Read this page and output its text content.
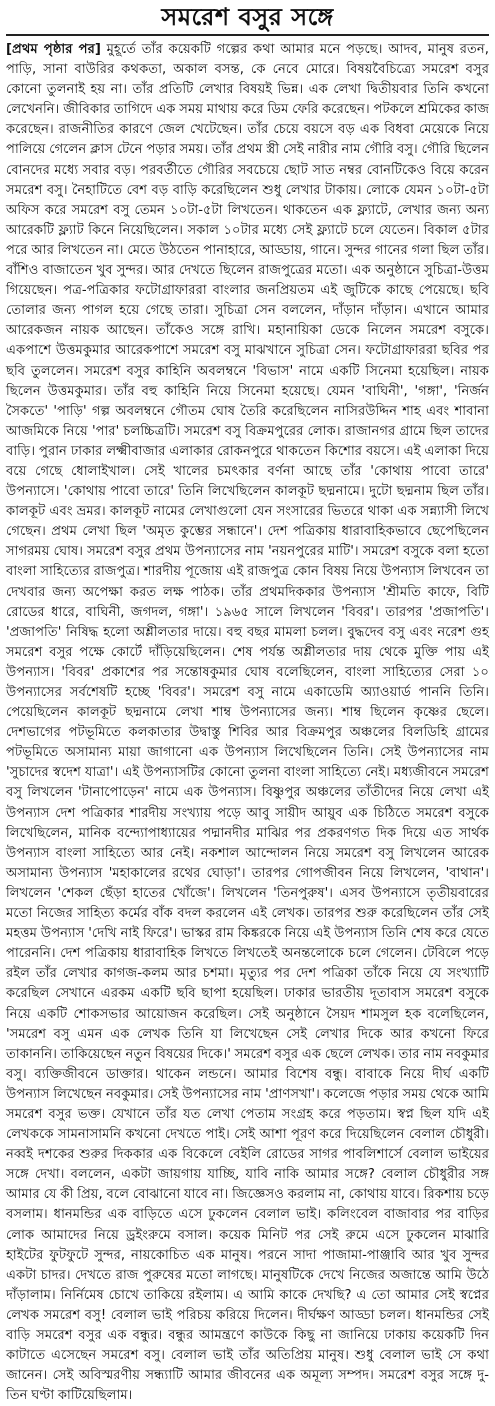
সমরেশ বসুর সঙ্গে
[প্রথম পৃষ্ঠার পর] মুহূর্তে তাঁর কয়েকটি গল্পের কথা আমার মনে পড়ছে। আদব, মানুষ রতন, পাড়ি, সানা বাউরির কথকতা, অকাল বসন্ত, কে নেবে মোরে। বিষয়বৈচিত্র্যে সমরেশ বসুর কোনো তুলনাই হয় না। তাঁর প্রতিটি লেখার বিষয়ই ভিন্ন। এক লেখা দ্বিতীয়বার তিনি কখনো লেখেননি। জীবিকার তাগিদে এক সময় মাথায় করে ডিম ফেরি করেছেন। পটকলে শ্রমিকের কাজ করেছেন। রাজনীতির কারণে জেল খেটেছেন। তাঁর চেয়ে বয়সে বড় এক বিধবা মেয়েকে নিয়ে পালিয়ে গেলেন ক্লাস টেনে পড়ার সময়। তাঁর প্রথম স্ত্রী সেই নারীর নাম গৌরি বসু। গৌরি ছিলেন বোনদের মধ্যে সবার বড়। পরবর্তীতে গৌরির সবচেয়ে ছোট সাত নম্বর বোনটিকেও বিয়ে করেন সমরেশ বসু। নৈহাটিতে বেশ বড় বাড়ি করেছিলেন শুধু লেখার টাকায়। লোকে যেমন ১০টা-৫টা অফিস করে সমরেশ বসু তেমন ১০টা-৫টা লিখতেন। থাকতেন এক ফ্ল্যাটে, লেখার জন্য অন্য আরেকটি ফ্ল্যাট কিনে নিয়েছিলেন। সকাল ১০টার মধ্যে সেই ফ্ল্যাটে চলে যেতেন। বিকাল ৫টার পরে আর লিখতেন না। মেতে উঠতেন পানাহারে, আড্ডায়, গানে। সুন্দর গানের গলা ছিল তাঁর। বাঁশিও বাজাতেন খুব সুন্দর। আর দেখতে ছিলেন রাজপুত্রের মতো। এক অনুষ্ঠানে সুচিত্রা-উত্তম গিয়েছেন। পত্র-পত্রিকার ফটোগ্রাফাররা বাংলার জনপ্রিয়তম এই জুটিকে কাছে পেয়েছে। ছবি তোলার জন্য পাগল হয়ে গেছে তারা। সুচিত্রা সেন বললেন, দাঁড়ান দাঁড়ান। এখানে আমার আরেকজন নায়ক আছেন। তাঁকেও সঙ্গে রাখি। মহানায়িকা ডেকে নিলেন সমরেশ বসুকে। একপাশে উত্তমকুমার আরেকপাশে সমরেশ বসু মাঝখানে সুচিত্রা সেন। ফটোগ্রাফাররা ছবির পর ছবি তুললেন। সমরেশ বসুর কাহিনি অবলম্বনে 'বিভাস' নামে একটি সিনেমা হয়েছিল। নায়ক ছিলেন উত্তমকুমার। তাঁর বহু কাহিনি নিয়ে সিনেমা হয়েছে। যেমন 'বাঘিনী', 'গঙ্গা', 'নির্জন সৈকতে' 'পাড়ি' গল্প অবলম্বনে গৌতম ঘোষ তৈরি করেছিলেন নাসিরউদ্দিন শাহ এবং শাবানা আজমিকে নিয়ে 'পার' চলচ্চিত্রটি। সমরেশ বসু বিক্রমপুরের লোক। রাজানগর গ্রামে ছিল তাদের বাড়ি। পুরান ঢাকার লক্ষ্মীবাজার এলাকার রোকনপুরে থাকতেন কিশোর বয়সে। এই এলাকা দিয়ে বয়ে গেছে ধোলাইখাল। সেই খালের চমৎকার বর্ণনা আছে তাঁর 'কোথায় পাবো তারে' উপন্যাসে। 'কোথায় পাবো তারে' তিনি লিখেছিলেন কালকূট ছদ্মনামে। দুটো ছদ্মনাম ছিল তাঁর। কালকূট এবং ভ্রমর। কালকূট নামের লেখাগুলো যেন সংসারের ভিতরে থাকা এক সন্ন্যাসী লিখে গেছেন। প্রথম লেখা ছিল 'অমৃত কুম্ভের সন্ধানে'। দেশ পত্রিকায় ধারাবাহিকভাবে ছেপেছিলেন সাগরময় ঘোষ। সমরেশ বসুর প্রথম উপন্যাসের নাম 'নয়নপুরের মাটি'। সমরেশ বসুকে বলা হতো বাংলা সাহিত্যের রাজপুত্র। শারদীয় পূজোয় এই রাজপুত্র কোন বিষয় নিয়ে উপন্যাস লিখবেন তা দেখবার জন্য অপেক্ষা করত লক্ষ পাঠক। তাঁর প্রথমদিককার উপন্যাস 'শ্রীমতি কাফে, বিটি রোডের ধারে, বাঘিনী, জগদল, গঙ্গা'। ১৯৬৫ সালে লিখলেন 'বিবর'। তারপর 'প্রজাপতি'। 'প্রজাপতি' নিষিদ্ধ হলো অশ্লীলতার দায়ে। বহু বছর মামলা চলল। বুদ্ধদেব বসু এবং নরেশ গুহ সমরেশ বসুর পক্ষে কোর্টে দাঁড়িয়েছিলেন। শেষ পর্যন্ত অশ্লীলতার দায় থেকে মুক্তি পায় এই উপন্যাস। 'বিবর' প্রকাশের পর সন্তোষকুমার ঘোষ বলেছিলেন, বাংলা সাহিত্যের সেরা ১০ উপন্যাসের সর্বশেষটি হচ্ছে 'বিবর'। সমরেশ বসু নামে একাডেমি অ্যাওয়ার্ড পাননি তিনি। পেয়েছিলেন কালকূট ছদ্মনামে লেখা শাম্ব উপন্যাসের জন্য। শাম্ব ছিলেন কৃষ্ণের ছেলে। দেশভাগের পটভূমিতে কলকাতার উদ্বাস্তু শিবির আর বিক্রমপুর অঞ্চলের বিলডিহি গ্রামের পটভূমিতে অসামান্য মায়া জাগানো এক উপন্যাস লিখেছিলেন তিনি। সেই উপন্যাসের নাম 'সুচাদের স্বদেশ যাত্রা'। এই উপন্যাসটির কোনো তুলনা বাংলা সাহিত্যে নেই। মধ্যজীবনে সমরেশ বসু লিখলেন 'টানাপোড়েন' নামে এক উপন্যাস। বিষ্ণুপুর অঞ্চলের তাঁতীদের নিয়ে লেখা এই উপন্যাস দেশ পত্রিকার শারদীয় সংখ্যায় পড়ে আবু সায়ীদ আয়ুব এক চিঠিতে সমরেশ বসুকে লিখেছিলেন, মানিক বন্দ্যোপাধ্যায়ের পদ্মানদীর মাঝির পর প্রকরণগত দিক দিয়ে এত সার্থক উপন্যাস বাংলা সাহিত্যে আর নেই। নকশাল আন্দোলন নিয়ে সমরেশ বসু লিখলেন আরেক অসামান্য উপন্যাস 'মহাকালের রথের ঘোড়া'। তারপর গোপজীবন নিয়ে লিখলেন, 'বাথান'। লিখলেন 'শেকল ছেঁড়া হাতের খোঁজে'। লিখলেন 'তিনপুরুষ'। এসব উপন্যাসে তৃতীয়বারের মতো নিজের সাহিত্য কর্মের বাঁক বদল করলেন এই লেখক। তারপর শুরু করেছিলেন তাঁর সেই মহত্তম উপন্যাস 'দেখি নাই ফিরে'। ভাস্কর রাম কিঙ্করকে নিয়ে এই উপন্যাস তিনি শেষ করে যেতে পারেননি। দেশ পত্রিকায় ধারাবাহিক লিখতে লিখতেই অনন্তলোকে চলে গেলেন। টেবিলে পড়ে রইল তাঁর লেখার কাগজ-কলম আর চশমা। মৃত্যুর পর দেশ পত্রিকা তাঁকে নিয়ে যে সংখ্যাটি করেছিল সেখানে এরকম একটি ছবি ছাপা হয়েছিল। ঢাকার ভারতীয় দূতাবাস সমরেশ বসুকে নিয়ে একটি শোকসভার আয়োজন করেছিল। সেই অনুষ্ঠানে সৈয়দ শামসুল হক বলেছিলেন, 'সমরেশ বসু এমন এক লেখক তিনি যা লিখেছেন সেই লেখার দিকে আর কখনো ফিরে তাকাননি। তাকিয়েছেন নতুন বিষয়ের দিকে।' সমরেশ বসুর এক ছেলে লেখক। তার নাম নবকুমার বসু। ব্যক্তিজীবনে ডাক্তার। থাকেন লন্ডনে। আমার বিশেষ বন্ধু। বাবাকে নিয়ে দীর্ঘ একটি উপন্যাস লিখেছেন নবকুমার। সেই উপন্যাসের নাম 'প্রাণসখা'। কলেজে পড়ার সময় থেকে আমি সমরেশ বসুর ভক্ত। যেখানে তাঁর যত লেখা পেতাম সংগ্রহ করে পড়তাম। স্বপ্ন ছিল যদি এই লেখককে সামনাসামনি কখনো দেখতে পাই। সেই আশা পূরণ করে দিয়েছিলেন বেলাল চৌধুরী। নব্বই দশকের শুরুর দিককার এক বিকেলে বেইলি রোডের সাগর পাবলিশার্সে বেলাল ভাইয়ের সঙ্গে দেখা। বললেন, একটা জায়গায় যাচ্ছি, যাবি নাকি আমার সঙ্গে? বেলাল চৌধুরীর সঙ্গ আমার যে কী প্রিয়, বলে বোঝানো যাবে না। জিজ্ঞেসও করলাম না, কোথায় যাবে। রিকশায় চড়ে বসলাম। ধানমন্ডির এক বাড়িতে এসে ঢুকলেন বেলাল ভাই। কলিংবেল বাজাবার পর বাড়ির লোক আমাদের নিয়ে ড্রইংরুমে বসাল। কয়েক মিনিট পর সেই রুমে এসে ঢুকলেন মাঝারি হাইটের ফুটফুটে সুন্দর, নায়কোচিত এক মানুষ। পরনে সাদা পাজামা-পাঞ্জাবি আর খুব সুন্দর একটা চাদর। দেখতে রাজ পুরুষের মতো লাগছে। মানুষটিকে দেখে নিজের অজান্তে আমি উঠে দাঁড়ালাম। নির্নিমেষ চোখে তাকিয়ে রইলাম। এ আমি কাকে দেখছি? এ তো আমার সেই স্বপ্নের লেখক সমরেশ বসু! বেলাল ভাই পরিচয় করিয়ে দিলেন। দীর্ঘক্ষণ আড্ডা চলল। ধানমন্ডির সেই বাড়ি সমরেশ বসুর এক বন্ধুর। বন্ধুর আমন্ত্রণে কাউকে কিছু না জানিয়ে ঢাকায় কয়েকটি দিন কাটাতে এসেছেন সমরেশ বসু। বেলাল ভাই তাঁর অতিপ্রিয় মানুষ। শুধু বেলাল ভাই সে কথা জানেন। সেই অবিস্মরণীয় সন্ধ্যাটি আমার জীবনের এক অমূল্য সম্পদ। সমরেশ বসুর সঙ্গে দু-তিন ঘণ্টা কাটিয়েছিলাম।
